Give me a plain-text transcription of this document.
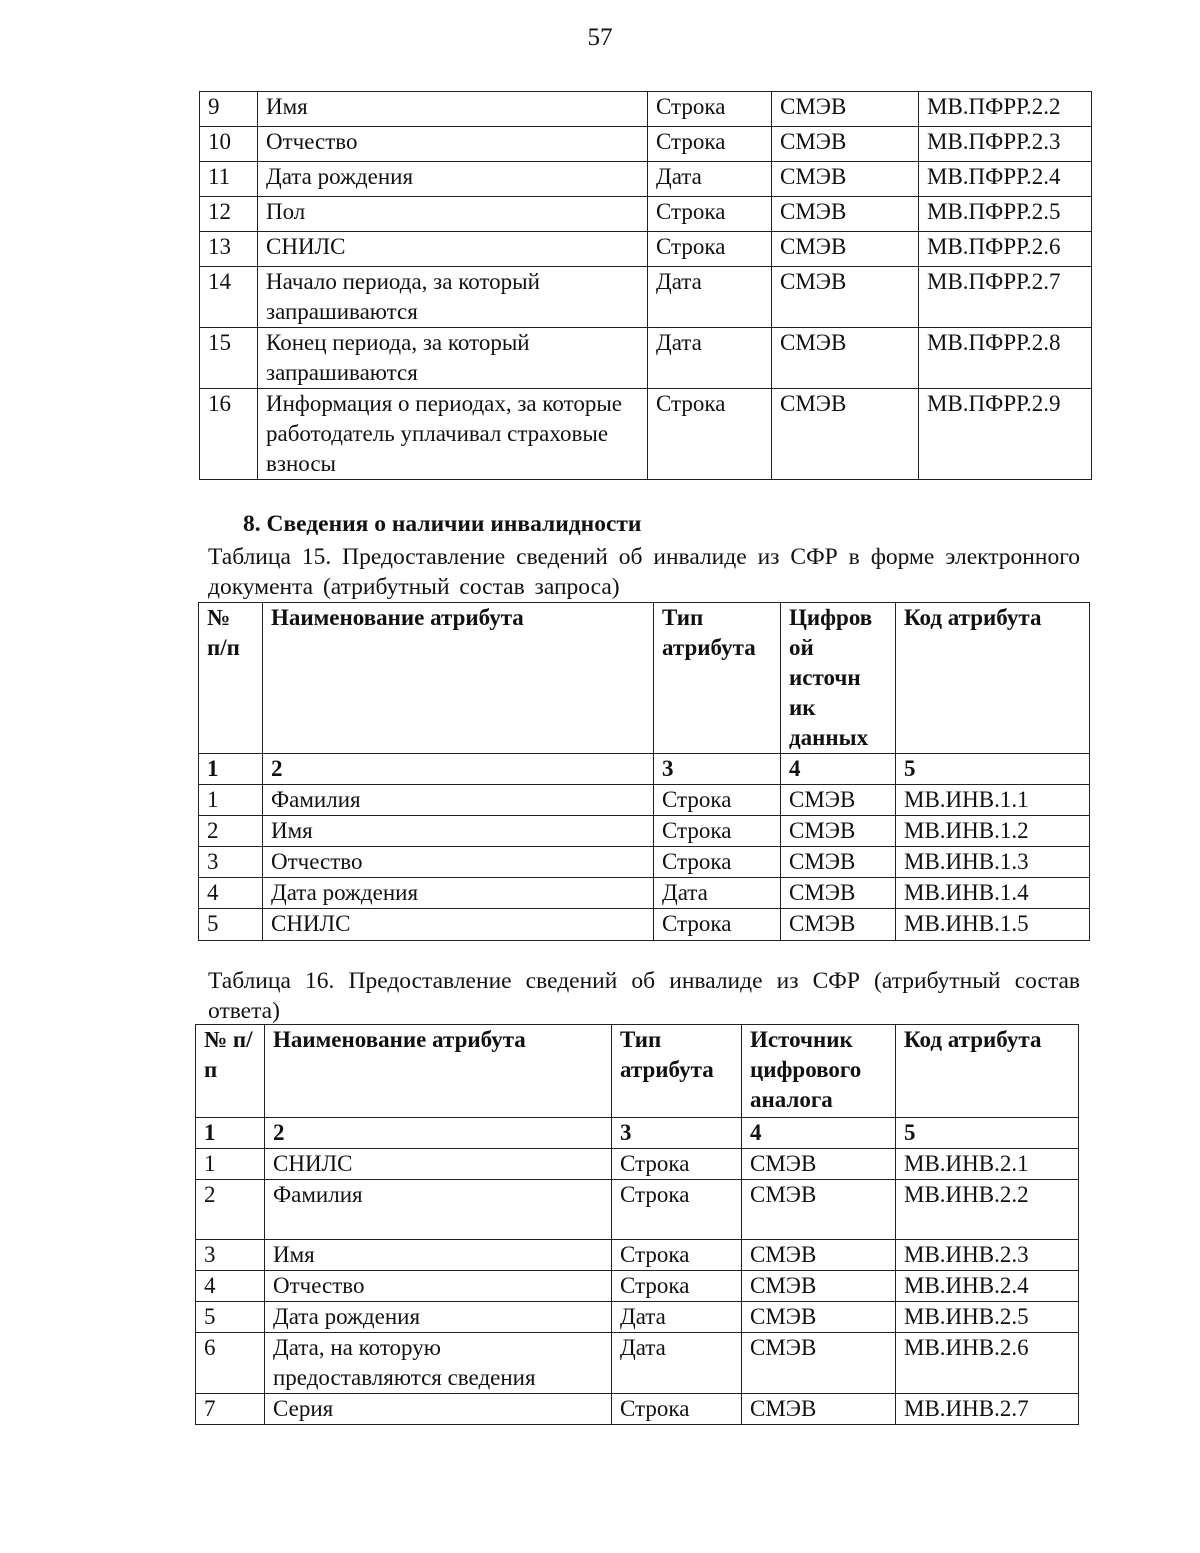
57
9	Имя	Строка	СМЭВ	МВ.ПФРР.2.2
10	Отчество	Строка	СМЭВ	МВ.ПФРР.2.3
11	Дата рождения	Дата	СМЭВ	МВ.ПФРР.2.4
12	Пол	Строка	СМЭВ	МВ.ПФРР.2.5
13	СНИЛС	Строка	СМЭВ	МВ.ПФРР.2.6
14	Начало периода, за который запрашиваются	Дата	СМЭВ	МВ.ПФРР.2.7
15	Конец периода, за который запрашиваются	Дата	СМЭВ	МВ.ПФРР.2.8
16	Информация о периодах, за которые работодатель уплачивал страховые взносы	Строка	СМЭВ	МВ.ПФРР.2.9
8. Сведения о наличии инвалидности
Таблица 15. Предоставление сведений об инвалиде из СФР в форме электронного документа (атрибутный состав запроса)
№ п/п	Наименование атрибута	Тип атрибута	Цифров ой источн ик данных	Код атрибута
1	2	3	4	5
1	Фамилия	Строка	СМЭВ	МВ.ИНВ.1.1
2	Имя	Строка	СМЭВ	МВ.ИНВ.1.2
3	Отчество	Строка	СМЭВ	МВ.ИНВ.1.3
4	Дата рождения	Дата	СМЭВ	МВ.ИНВ.1.4
5	СНИЛС	Строка	СМЭВ	МВ.ИНВ.1.5
Таблица 16. Предоставление сведений об инвалиде из СФР (атрибутный состав ответа)
№ п/п	Наименование атрибута	Тип атрибута	Источник цифрового аналога	Код атрибута
1	2	3	4	5
1	СНИЛС	Строка	СМЭВ	МВ.ИНВ.2.1
2	Фамилия	Строка	СМЭВ	МВ.ИНВ.2.2
3	Имя	Строка	СМЭВ	МВ.ИНВ.2.3
4	Отчество	Строка	СМЭВ	МВ.ИНВ.2.4
5	Дата рождения	Дата	СМЭВ	МВ.ИНВ.2.5
6	Дата, на которую предоставляются сведения	Дата	СМЭВ	МВ.ИНВ.2.6
7	Серия	Строка	СМЭВ	МВ.ИНВ.2.7
